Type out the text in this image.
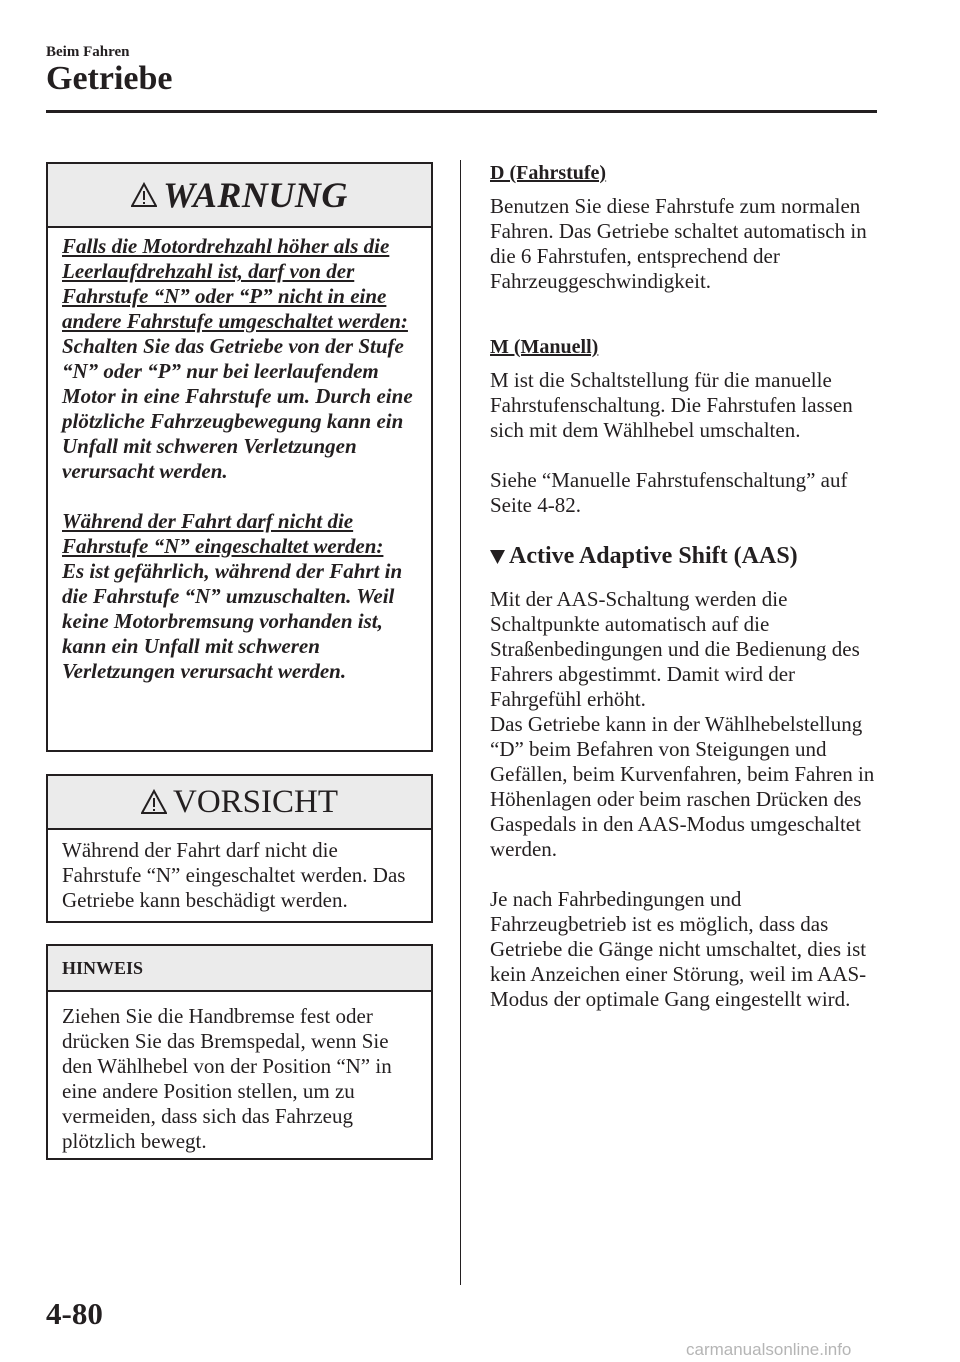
Beim Fahren
Getriebe
WARNUNG
Falls die Motordrehzahl höher als die Leerlaufdrehzahl ist, darf von der Fahrstufe “N” oder “P” nicht in eine andere Fahrstufe umgeschaltet werden:
Schalten Sie das Getriebe von der Stufe “N” oder “P” nur bei leerlaufendem Motor in eine Fahrstufe um. Durch eine plötzliche Fahrzeugbewegung kann ein Unfall mit schweren Verletzungen verursacht werden.
Während der Fahrt darf nicht die Fahrstufe “N” eingeschaltet werden:
Es ist gefährlich, während der Fahrt in die Fahrstufe “N” umzuschalten. Weil keine Motorbremsung vorhanden ist, kann ein Unfall mit schweren Verletzungen verursacht werden.
VORSICHT
Während der Fahrt darf nicht die Fahrstufe “N” eingeschaltet werden. Das Getriebe kann beschädigt werden.
HINWEIS
Ziehen Sie die Handbremse fest oder drücken Sie das Bremspedal, wenn Sie den Wählhebel von der Position “N” in eine andere Position stellen, um zu vermeiden, dass sich das Fahrzeug plötzlich bewegt.
D (Fahrstufe)
Benutzen Sie diese Fahrstufe zum normalen Fahren. Das Getriebe schaltet automatisch in die 6 Fahrstufen, entsprechend der Fahrzeuggeschwindigkeit.
M (Manuell)
M ist die Schaltstellung für die manuelle Fahrstufenschaltung. Die Fahrstufen lassen sich mit dem Wählhebel umschalten.
Siehe “Manuelle Fahrstufenschaltung” auf Seite 4-82.
Active Adaptive Shift (AAS)
Mit der AAS-Schaltung werden die Schaltpunkte automatisch auf die Straßenbedingungen und die Bedienung des Fahrers abgestimmt. Damit wird der Fahrgefühl erhöht.
Das Getriebe kann in der Wählhebelstellung “D” beim Befahren von Steigungen und Gefällen, beim Kurvenfahren, beim Fahren in Höhenlagen oder beim raschen Drücken des Gaspedals in den AAS-Modus umgeschaltet werden.
Je nach Fahrbedingungen und Fahrzeugbetrieb ist es möglich, dass das Getriebe die Gänge nicht umschaltet, dies ist kein Anzeichen einer Störung, weil im AAS-Modus der optimale Gang eingestellt wird.
4-80
carmanualsonline.info
